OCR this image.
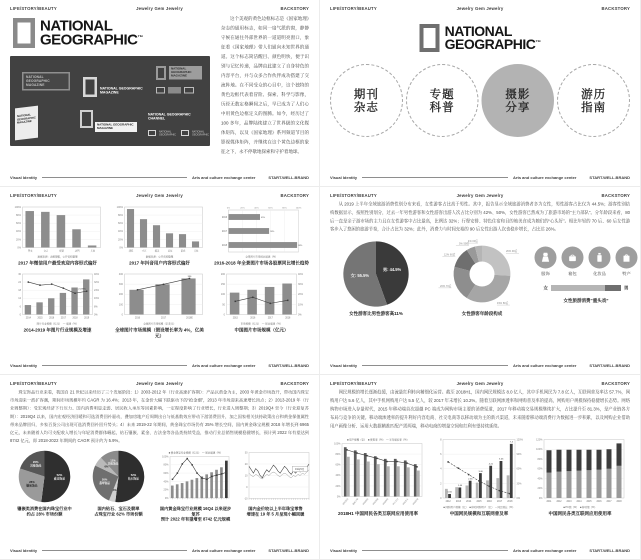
LIFE/STORY/BEAUTY	Jewelry Gem Jewelry	BACKSTORY
NATIONAL
GEOGRAPHIC™
NATIONAL GEOGRAPHIC MAGAZINE
NATIONAL GEOGRAPHIC MAGAZINE
NATIONAL GEOGRAPHIC MAGAZINE
NATIONAL GEOGRAPHIC MAGAZINE
NATIONAL GEOGRAPHIC MAGAZINE
NATIONAL GEOGRAPHIC CHANNEL
NATIONAL GEOGRAPHIC
NATIONAL GEOGRAPHIC
这个美观的黄色边框标志是《国家地理》杂志的通用标志，如同一扇气派的窗，静静守候在通往外部世界的一道道明亮窗口，象征着《国家地理》带人们通向未知世界的通道。这个标志简洁醒目、颜色明快，便于识别与记忆传递，品牌由此建立了自身特色的内容平台，并与众多合作伙伴成功搭建了交流阵地。在不同受众的心目中，这个独特的黄色边框代表着冒险、探索、科学与影像，历经无数定格瞬间之后，早已成为了人们心中用黄色边框定义的图腾。如今，经历过了 100 多年，品牌陆续建立了世界级的文化媒体矩阵，以及《国家地理》系列频道节目的影视媒体矩阵，并继续在这个黄色边框的象征之下，永不停歇地探索和守护着地球。
Visual Identity	Arts and culture exchange center START.WELL.BRAND
LIFE/STORY/BEAUTY	Jewelry Gem Jewelry	BACKSTORY
NATIONAL
GEOGRAPHIC™
期刊
杂志
专题
科普
摄影
分享
游历
指南
Visual Identity	Arts and culture exchange center START.WELL.BRAND
LIFE/STORY/BEAUTY	Jewelry Gem Jewelry	BACKSTORY
100%
80%
60%
40%
20%
0%
图文 文字 视频 动图 其他
数据来源：企鹅智酷，公开资料整理
2017 年微信用户最受欢迎内容形式偏好
100%
80%
60%
40%
20%
0%
颜值 才艺 搞笑 萌宠 游戏 其他
数据来源：公开资料整理
2017 年抖音用户内容形式偏好
0% 20% 40% 60% 80% 100%
2016	45%
2017	58%
2018	98%
全景图片市场同比增速（%）
2016-2018 年全景图片市场各股票同比增长趋势
30
24
18
12
6
0
2014 2015 2016 2017 2018 2019
21.89%
40%
32%
24%
16%
8%
0%
图片行业规模（亿元）　— 增速（%）
2014-2019 年图片行业规模及增速
400
300
200
100
0
2016	2017
356
2018E
全球图片市场规模（亿美元）
全球图片市场规模（假设增长率为 4%，亿美元）
200
150
100
50
0
2015	2016	2017	2018
40%
30%
20%
10%
0%
市场规模（亿元）　— 同比增速（%）
中国图片市场规模（亿元）
Visual Identity	Arts and culture exchange center START.WELL.BRAND
LIFE/STORY/BEAUTY	Jewelry Gem Jewelry	BACKSTORY
从 2019 上半年全域旅游消费性别分布来看，女性游客占比高于男性。其中，报告显示全域旅游消费者多为女性，男性游客占比仅为 44.5%；游客性别结构数据显示，按照性别划分，过去一年男性游客和女性游客出游人次占比分别为 42%、50%，女性游客已然成为了旅游市场的“主力部队”。分年龄段来看，80 后一直是亲子游市场的主力且在女性游客中占比最高，比例达 32%；行程安排、特色住宿和目的地美食成为她们的“心头好”。相比年轻的 70 后、60 后女性游客步入了悠闲的旅游节奏，合计占比为 32%；此外，消费力与时间充裕的 90 后女性出游人次也稳步增长，占比达 26%。
男: 44.5%
女: 55.5%
女性游客比男性游客高11%
26% 90后
33% 80后
20% 70后
12% 60后
5% 50后
4% 00后
女性游客年龄段构成
服饰 箱包 化妆品 特产
女	男
女性旅游消费“重头戏”
Visual Identity	Arts and culture exchange center START.WELL.BRAND
LIFE/STORY/BEAUTY	Jewelry Gem Jewelry	BACKSTORY
珠宝饰品行业来看，我国自 21 世纪以来经历了三个发展阶段：1）2003-2012 年（行业高速扩容期）：产品以黄金为主，2003 年黄金市场放开，带动国内珠宝市场迎来一波扩容潮，期间市场规模年均 CAGR 为 16.4%；2013 年，在金价大幅下跌驱动下的“抢金潮”，2013 年市场迎来高速增长顶点；2）2013-2019 年（行业调整期）：受宏观经济下行压力、国内消费明显走弱、居民收入承压等因素影响，一定程度影响了行业增长，行业进入调整期；3）2019Q4 至今（行业迎复苏期）：2019Q4 以来，国内宏观经济回暖和可选消费回补驱动，叠加房地产后周期出台与低基数效应带动下游消费回升，加之国家相关扶持政策出台和黄金保值属性带来品牌回归，多家百货公司出现可选消费回补回升势头；4）未来 2019-22 年期间，黄金珠宝市场仍有 25% 增长空间，国内黄金珠宝规模 2018 年增长到 6965 亿元，未来随着人均可支配收入增长与年轻消费群体崛起，钻石镶嵌、素金、古法金等各品类持续受益，推动行业总销售规模稳健增长，预计到 2022 年有望达到 8742 亿元，即 2018-2022 年期间的 CAGR 预计约为 5.9%。
52%素金饰品
28%镶嵌饰品
20%其他饰品
镶嵌类消费在国内珠宝行业中
约占 28% 市场份额
52%钻石饰品
4%
26%翡翠饰品
6%
12%其他饰品
国内钻石、宝石及翡翠
占珠宝行业 62% 市场份额
100%
80%
60%
40%
20%
0%
■ 黄金珠宝行业规模（亿元）　— 同比增速（%）
国内黄金珠宝行业规模 16Q4 以来逐步复苏
预计 2022 年有望增至 8742 亿元规模
30
20
10
0
-10
19年5月
国内金价较以上半年珠宝零售
增速在 19 年 5 月呈现小幅回暖
Visual Identity	Arts and culture exchange center START.WELL.BRAND
LIFE/STORY/BEAUTY	Jewelry Gem Jewelry	BACKSTORY
网民规模的增长逐渐趋缓，由流量红利转向精细化运营。截至 2018H1，国内网民规模达 8.0 亿人，其中手机网民为 7.8 亿人，互联网普及率达 57.7%，网购用户达 5.6 亿人，其中手机网购用户达 5.5 亿人，较 2017 年末增长 10.2%。随着互联网渗透率和网购普及率的提高，网购用户规模保持稳健增长态势。网络购物市场进入存量时代，2015 年移动端首次超越 PC 端成为网购市场主要的消费渠道，2017 年移动端交易规模继续扩大，占比提升至 81.3%，是产业链各方布局与竞争的关键。移动端渗透率的提升利好内容电商、社交电商等以移动端为主的新兴渠道，未来随着移动端消费行为数据进一步积累，以及网购企业借助用户画像分析、运用大数据精准匹配产需两端，移动电商的增量空间和红利有望持续延续。
100%
80%
60%
40%
20%
0%
即时通信 搜索引擎 网络新闻 网络视频 网络购物 网上支付 网络音乐 网络游戏
■ 用户规模（亿）　■ 使用率（%）　— 半年增长率（%）
2018H1 中国网民各类互联网应用使用率
8
6
4
2
0
0.55
2012
1.44
2013
2.36
2014
3.40
2015
4.41
2016
5.06
2017
7.4
2018
120%
90%
60%
30%
0%
■ 网购用户规模（亿）　■ 移动网购用户（亿）　-- 同比增长（%）
中国网民规模和互联网普及率
120%
100%
80%
60%
40%
20%
0%
2011 2012 2013 2014 2015 2016 2017 2018
■ PC端（%）　■ 移动端（%）
中国网民各类互联网应用使用率
Visual Identity	Arts and culture exchange center START.WELL.BRAND
